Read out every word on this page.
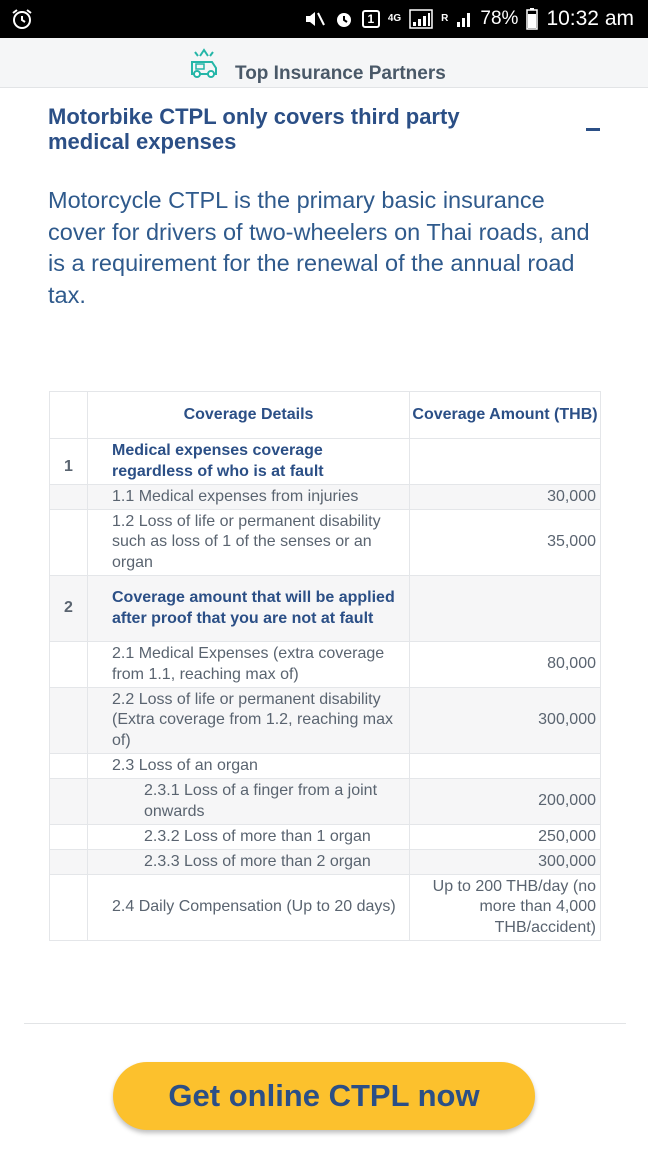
1	4G	R 78% 10:32 am
Top Insurance Partners
Motorbike CTPL only covers third party medical expenses

Motorcycle CTPL is the primary basic insurance cover for drivers of two-wheelers on Thai roads, and is a requirement for the renewal of the annual road tax.

	Coverage Details	Coverage Amount (THB)
1	Medical expenses coverage regardless of who is at fault	
	1.1 Medical expenses from injuries	30,000
	1.2 Loss of life or permanent disability such as loss of 1 of the senses or an organ	35,000
2	Coverage amount that will be applied after proof that you are not at fault	
	2.1 Medical Expenses (extra coverage from 1.1, reaching max of)	80,000
	2.2 Loss of life or permanent disability (Extra coverage from 1.2, reaching max of)	300,000
	2.3 Loss of an organ	
	2.3.1 Loss of a finger from a joint onwards	200,000
	2.3.2 Loss of more than 1 organ	250,000
	2.3.3 Loss of more than 2 organ	300,000
	2.4 Daily Compensation (Up to 20 days)	Up to 200 THB/day (no more than 4,000 THB/accident)
Get online CTPL now
